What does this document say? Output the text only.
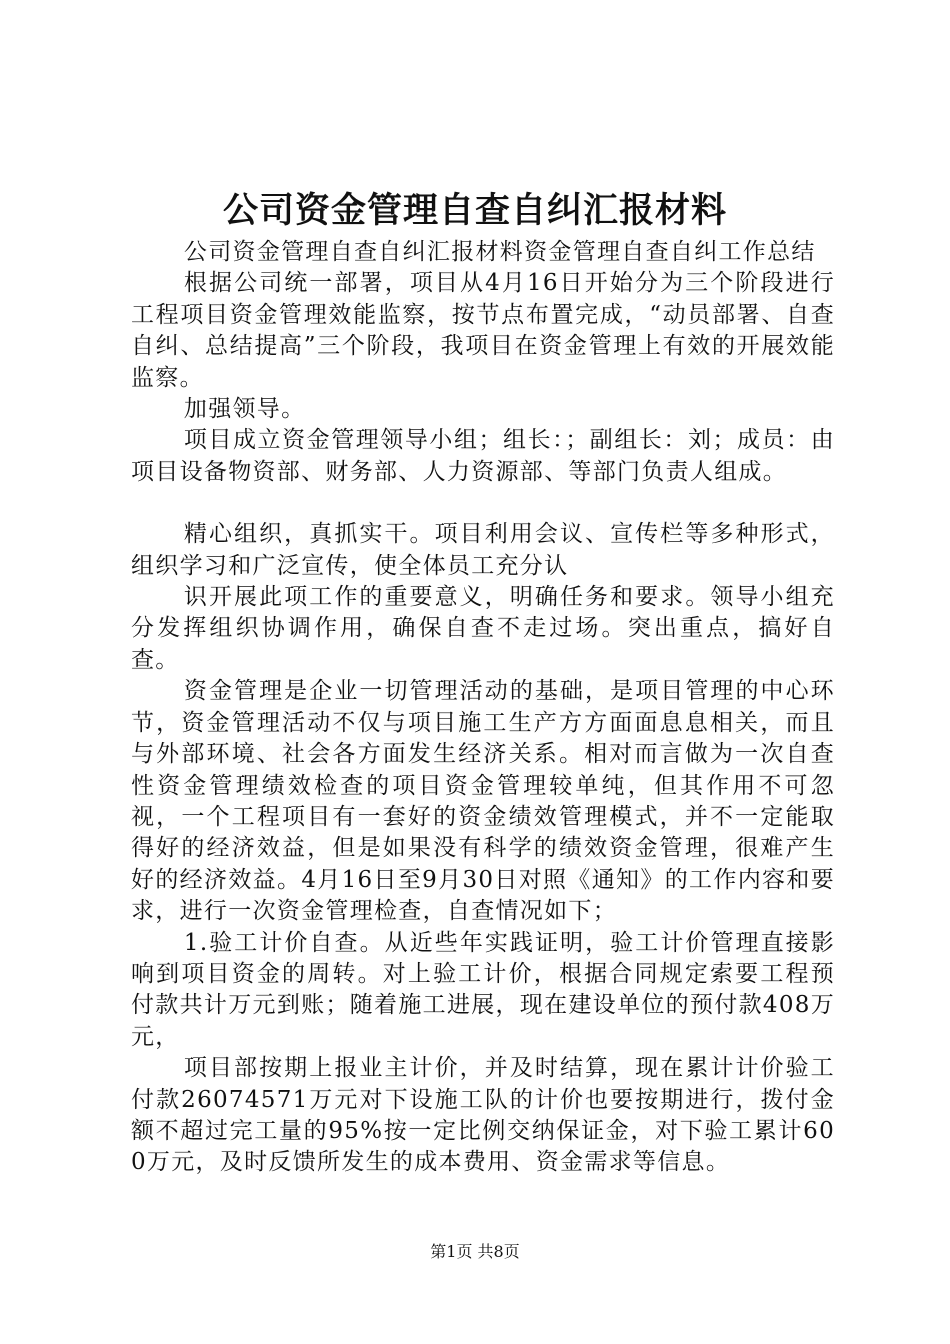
公司资金管理自查自纠汇报材料

公司资金管理自查自纠汇报材料资金管理自查自纠工作总结

根据公司统一部署，项目从4月16日开始分为三个阶段进行工程项目资金管理效能监察，按节点布置完成，“动员部署、自查自纠、总结提高”三个阶段，我项目在资金管理上有效的开展效能监察。

加强领导。

项目成立资金管理领导小组；组长：；副组长：刘；成员：由项目设备物资部、财务部、人力资源部、等部门负责人组成。

精心组织，真抓实干。项目利用会议、宣传栏等多种形式，组织学习和广泛宣传，使全体员工充分认

识开展此项工作的重要意义，明确任务和要求。领导小组充分发挥组织协调作用，确保自查不走过场。突出重点，搞好自查。

资金管理是企业一切管理活动的基础，是项目管理的中心环节，资金管理活动不仅与项目施工生产方方面面息息相关，而且与外部环境、社会各方面发生经济关系。相对而言做为一次自查性资金管理绩效检查的项目资金管理较单纯，但其作用不可忽视，一个工程项目有一套好的资金绩效管理模式，并不一定能取得好的经济效益，但是如果没有科学的绩效资金管理，很难产生好的经济效益。4月16日至9月30日对照《通知》的工作内容和要求，进行一次资金管理检查，自查情况如下；

1.验工计价自查。从近些年实践证明，验工计价管理直接影响到项目资金的周转。对上验工计价，根据合同规定索要工程预付款共计万元到账；随着施工进展，现在建设单位的预付款408万元，

项目部按期上报业主计价，并及时结算，现在累计计价验工付款26074571万元对下设施工队的计价也要按期进行，拨付金额不超过完工量的95%按一定比例交纳保证金，对下验工累计600万元，及时反馈所发生的成本费用、资金需求等信息。

第1页 共8页
